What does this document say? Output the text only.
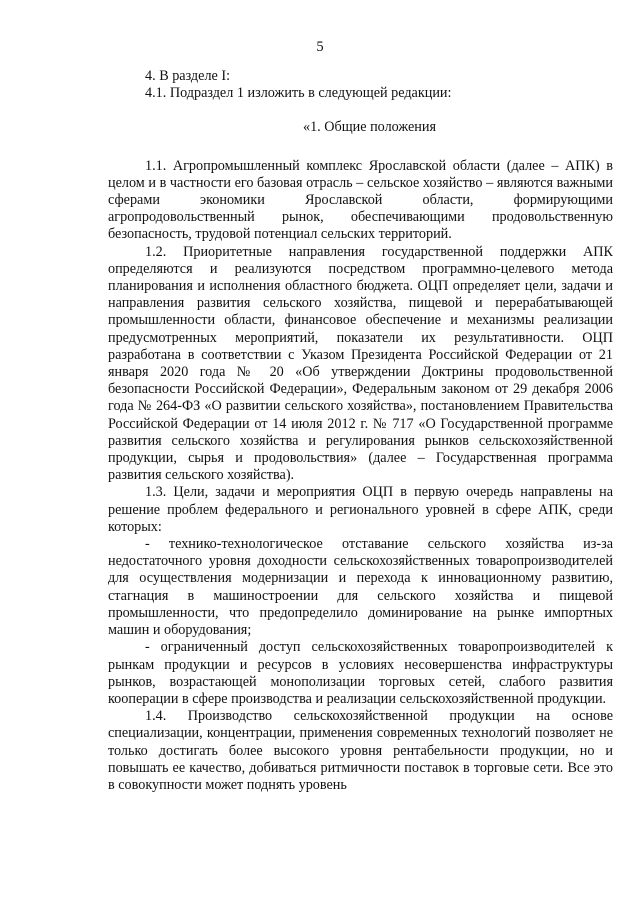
5

4. В разделе I:

4.1. Подраздел 1 изложить в следующей редакции:

«1. Общие положения

1.1. Агропромышленный комплекс Ярославской области (далее – АПК) в целом и в частности его базовая отрасль – сельское хозяйство – являются важными сферами экономики Ярославской области, формирующими агропродовольственный рынок, обеспечивающими продовольственную безопасность, трудовой потенциал сельских территорий.

1.2. Приоритетные направления государственной поддержки АПК определяются и реализуются посредством программно-целевого метода планирования и исполнения областного бюджета. ОЦП определяет цели, задачи и направления развития сельского хозяйства, пищевой и перерабатывающей промышленности области, финансовое обеспечение и механизмы реализации предусмотренных мероприятий, показатели их результативности. ОЦП разработана в соответствии с Указом Президента Российской Федерации от 21 января 2020 года № 20 «Об утверждении Доктрины продовольственной безопасности Российской Федерации», Федеральным законом от 29 декабря 2006 года № 264-ФЗ «О развитии сельского хозяйства», постановлением Правительства Российской Федерации от 14 июля 2012 г. № 717 «О Государственной программе развития сельского хозяйства и регулирования рынков сельскохозяйственной продукции, сырья и продовольствия» (далее – Государственная программа развития сельского хозяйства).

1.3. Цели, задачи и мероприятия ОЦП в первую очередь направлены на решение проблем федерального и регионального уровней в сфере АПК, среди которых:

- технико-технологическое отставание сельского хозяйства из-за недостаточного уровня доходности сельскохозяйственных товаропроизводителей для осуществления модернизации и перехода к инновационному развитию, стагнация в машиностроении для сельского хозяйства и пищевой промышленности, что предопределило доминирование на рынке импортных машин и оборудования;

- ограниченный доступ сельскохозяйственных товаропроизводителей к рынкам продукции и ресурсов в условиях несовершенства инфраструктуры рынков, возрастающей монополизации торговых сетей, слабого развития кооперации в сфере производства и реализации сельскохозяйственной продукции.

1.4. Производство сельскохозяйственной продукции на основе специализации, концентрации, применения современных технологий позволяет не только достигать более высокого уровня рентабельности продукции, но и повышать ее качество, добиваться ритмичности поставок в торговые сети. Все это в совокупности может поднять уровень
